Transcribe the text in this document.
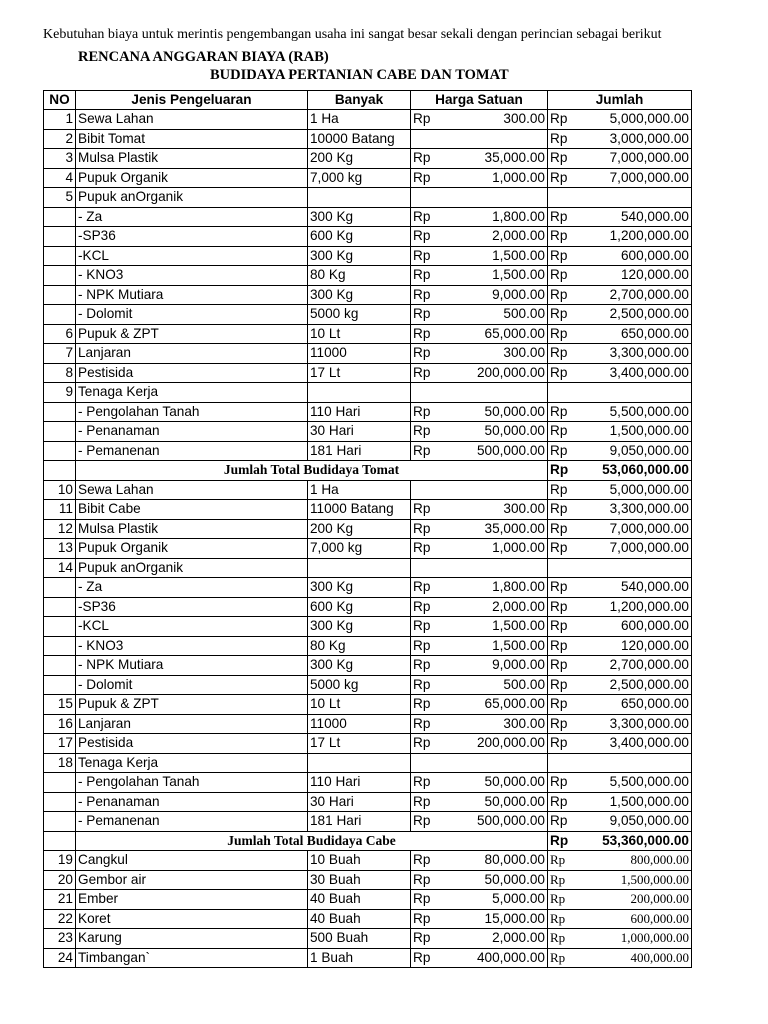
Kebutuhan biaya untuk merintis pengembangan usaha ini sangat besar sekali dengan perincian sebagai berikut
RENCANA ANGGARAN BIAYA (RAB)
BUDIDAYA PERTANIAN CABE DAN TOMAT
NO	Jenis Pengeluaran	Banyak	Harga Satuan		Jumlah	
1	Sewa Lahan	1 Ha	Rp	300.00	Rp	5,000,000.00
2	Bibit Tomat	10000 Batang			Rp	3,000,000.00
3	Mulsa Plastik	200 Kg	Rp	35,000.00	Rp	7,000,000.00
4	Pupuk Organik	7,000 kg	Rp	1,000.00	Rp	7,000,000.00
5	Pupuk anOrganik					
	- Za	300 Kg	Rp	1,800.00	Rp	540,000.00
	-SP36	600 Kg	Rp	2,000.00	Rp	1,200,000.00
	-KCL	300 Kg	Rp	1,500.00	Rp	600,000.00
	- KNO3	80 Kg	Rp	1,500.00	Rp	120,000.00
	- NPK Mutiara	300 Kg	Rp	9,000.00	Rp	2,700,000.00
	- Dolomit	5000 kg	Rp	500.00	Rp	2,500,000.00
6	Pupuk & ZPT	10 Lt	Rp	65,000.00	Rp	650,000.00
7	Lanjaran	11000	Rp	300.00	Rp	3,300,000.00
8	Pestisida	17 Lt	Rp	200,000.00	Rp	3,400,000.00
9	Tenaga Kerja					
	- Pengolahan Tanah	110 Hari	Rp	50,000.00	Rp	5,500,000.00
	- Penanaman	30 Hari	Rp	50,000.00	Rp	1,500,000.00
	- Pemanenan	181 Hari	Rp	500,000.00	Rp	9,050,000.00
	Jumlah Total Budidaya Tomat				Rp	53,060,000.00
10	Sewa Lahan	1 Ha			Rp	5,000,000.00
11	Bibit Cabe	11000 Batang	Rp	300.00	Rp	3,300,000.00
12	Mulsa Plastik	200 Kg	Rp	35,000.00	Rp	7,000,000.00
13	Pupuk Organik	7,000 kg	Rp	1,000.00	Rp	7,000,000.00
14	Pupuk anOrganik					
	- Za	300 Kg	Rp	1,800.00	Rp	540,000.00
	-SP36	600 Kg	Rp	2,000.00	Rp	1,200,000.00
	-KCL	300 Kg	Rp	1,500.00	Rp	600,000.00
	- KNO3	80 Kg	Rp	1,500.00	Rp	120,000.00
	- NPK Mutiara	300 Kg	Rp	9,000.00	Rp	2,700,000.00
	- Dolomit	5000 kg	Rp	500.00	Rp	2,500,000.00
15	Pupuk & ZPT	10 Lt	Rp	65,000.00	Rp	650,000.00
16	Lanjaran	11000	Rp	300.00	Rp	3,300,000.00
17	Pestisida	17 Lt	Rp	200,000.00	Rp	3,400,000.00
18	Tenaga Kerja					
	- Pengolahan Tanah	110 Hari	Rp	50,000.00	Rp	5,500,000.00
	- Penanaman	30 Hari	Rp	50,000.00	Rp	1,500,000.00
	- Pemanenan	181 Hari	Rp	500,000.00	Rp	9,050,000.00
	Jumlah Total Budidaya Cabe				Rp	53,360,000.00
19	Cangkul	10 Buah	Rp	80,000.00	Rp	800,000.00
20	Gembor air	30 Buah	Rp	50,000.00	Rp	1,500,000.00
21	Ember	40 Buah	Rp	5,000.00	Rp	200,000.00
22	Koret	40 Buah	Rp	15,000.00	Rp	600,000.00
23	Karung	500 Buah	Rp	2,000.00	Rp	1,000,000.00
24	Timbangan`	1 Buah	Rp	400,000.00	Rp	400,000.00
